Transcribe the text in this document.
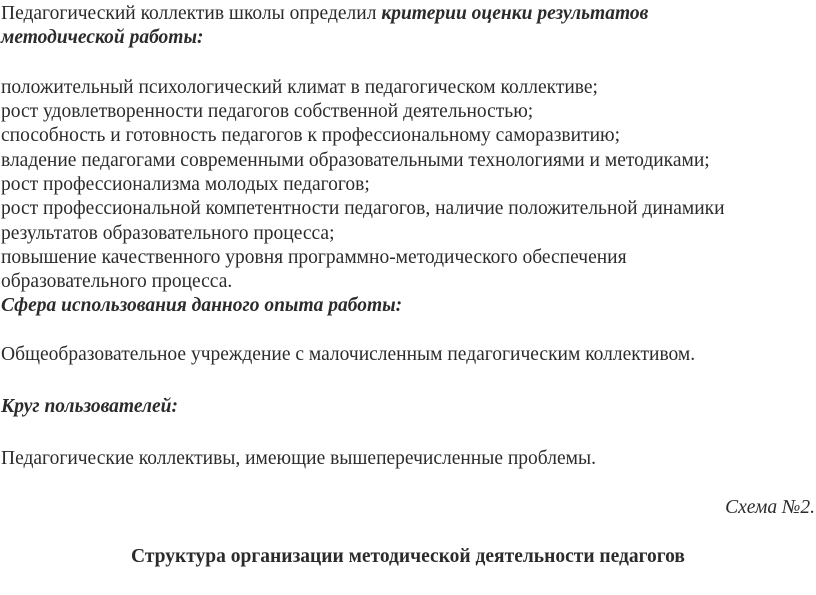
Педагогический коллектив школы определил критерии оценки результатов
методической работы:
положительный психологический климат в педагогическом коллективе;
рост удовлетворенности педагогов собственной деятельностью;
способность и готовность педагогов к профессиональному саморазвитию;
владение педагогами современными образовательными технологиями и методиками;
рост профессионализма молодых педагогов;
рост профессиональной компетентности педагогов, наличие положительной динамики
результатов образовательного процесса;
повышение качественного уровня программно-методического обеспечения
образовательного процесса.
Сфера использования данного опыта работы:
Общеобразовательное учреждение с малочисленным педагогическим коллективом.
Круг пользователей:
Педагогические коллективы, имеющие вышеперечисленные проблемы.
Схема №2.
Структура организации методической деятельности педагогов
